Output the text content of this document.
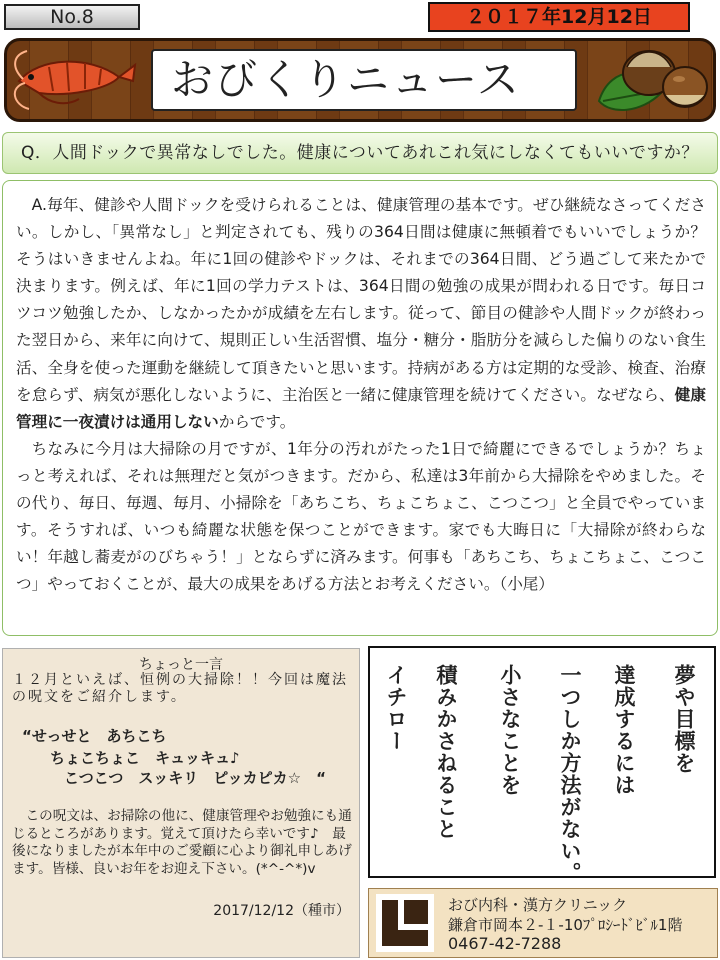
No.8	２０１７年12月12日
おびくりニュース
Q．人間ドックで異常なしでした。健康についてあれこれ気にしなくてもいいですか？

A.毎年、健診や人間ドックを受けられることは、健康管理の基本です。ぜひ継続なさってください。しかし、「異常なし」と判定されても、残りの364日間は健康に無頓着でもいいでしょうか？そうはいきませんよね。年に1回の健診やドックは、それまでの364日間、どう過ごして来たかで決まります。例えば、年に1回の学力テストは、364日間の勉強の成果が問われる日です。毎日コツコツ勉強したか、しなかったかが成績を左右します。従って、節目の健診や人間ドックが終わった翌日から、来年に向けて、規則正しい生活習慣、塩分・糖分・脂肪分を減らした偏りのない食生活、全身を使った運動を継続して頂きたいと思います。持病がある方は定期的な受診、検査、治療を怠らず、病気が悪化しないように、主治医と一緒に健康管理を続けてください。なぜなら、健康管理に一夜漬けは通用しないからです。

ちなみに今月は大掃除の月ですが、1年分の汚れがたった1日で綺麗にできるでしょうか？ちょっと考えれば、それは無理だと気がつきます。だから、私達は3年前から大掃除をやめました。その代り、毎日、毎週、毎月、小掃除を「あちこち、ちょこちょこ、こつこつ」と全員でやっています。そうすれば、いつも綺麗な状態を保つことができます。家でも大晦日に「大掃除が終わらない！年越し蕎麦がのびちゃう！」とならずに済みます。何事も「あちこち、ちょこちょこ、こつこつ」やっておくことが、最大の成果をあげる方法とお考えください。（小尾）

ちょっと一言
１２月といえば、恒例の大掃除！！今回は魔法の呪文をご紹介します。
“せっせと　あちこち
ちょこちょこ　キュッキュ♪
こつこつ　スッキリ　ピッカピカ☆　“
この呪文は、お掃除の他に、健康管理やお勉強にも通じるところがあります。覚えて頂けたら幸いです♪　最後になりましたが本年中のご愛顧に心より御礼申しあげます。皆様、良いお年をお迎え下さい。(*^-^*)v
2017/12/12（種市）
夢や目標を
達成するには
一つしか方法がない。
小さなことを
積みかさねること
イチロー
おび内科・漢方クリニック
鎌倉市岡本２-１-10ﾌﾟﾛｼｰﾄﾞﾋﾞﾙ1階
0467-42-7288
